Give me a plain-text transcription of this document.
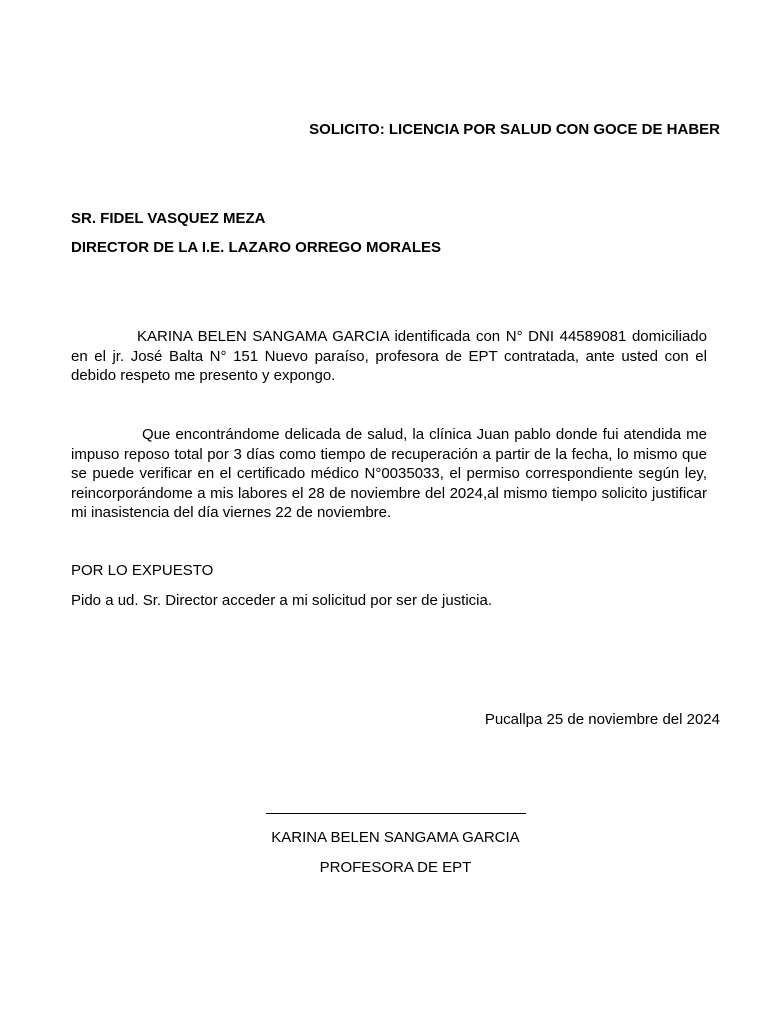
SOLICITO: LICENCIA POR SALUD CON GOCE DE HABER
SR. FIDEL VASQUEZ MEZA
DIRECTOR DE LA I.E. LAZARO ORREGO MORALES
KARINA BELEN SANGAMA GARCIA identificada con N° DNI 44589081 domiciliado en el jr. José Balta N° 151 Nuevo paraíso, profesora de EPT contratada, ante usted con el debido respeto me presento y expongo.
Que encontrándome delicada de salud, la clínica Juan pablo donde fui atendida me impuso reposo total por 3 días como tiempo de recuperación a partir de la fecha, lo mismo que se puede verificar en el certificado médico N°0035033, el permiso correspondiente según ley, reincorporándome a mis labores el 28 de noviembre del 2024,al mismo tiempo solicito justificar mi inasistencia del día viernes 22 de noviembre.
POR LO EXPUESTO
Pido a ud. Sr. Director acceder a mi solicitud por ser de justicia.
Pucallpa 25 de noviembre del 2024
KARINA BELEN SANGAMA GARCIA
PROFESORA DE EPT
